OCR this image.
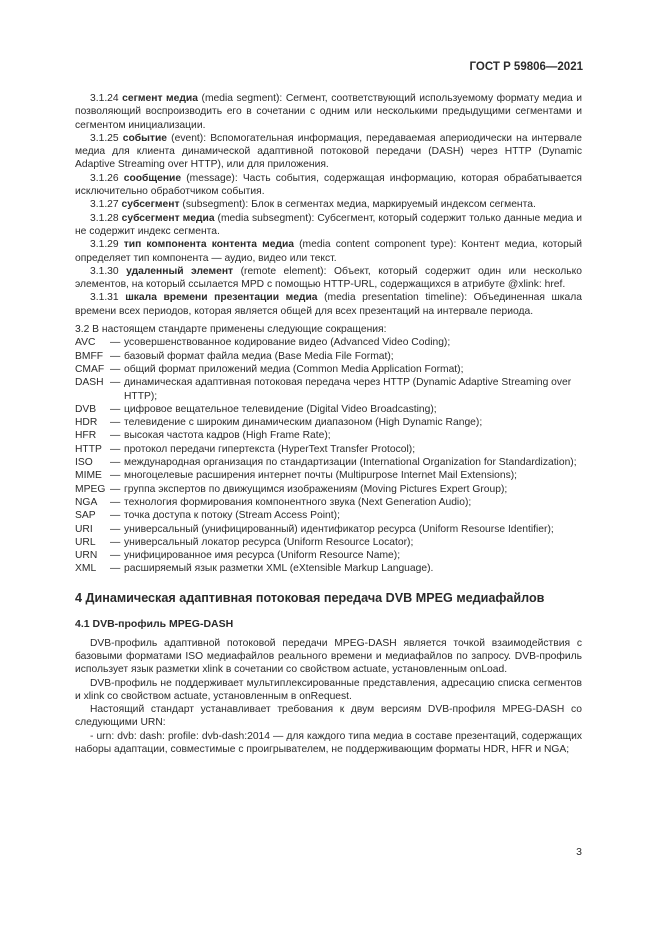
ГОСТ Р 59806—2021

3.1.24 сегмент медиа (media segment): Сегмент, соответствующий используемому формату медиа и позволяющий воспроизводить его в сочетании с одним или несколькими предыдущими сегментами и сегментом инициализации.

3.1.25 событие (event): Вспомогательная информация, передаваемая апериодически на интервале медиа для клиента динамической адаптивной потоковой передачи (DASH) через HTTP (Dynamic Adaptive Streaming over HTTP), или для приложения.

3.1.26 сообщение (message): Часть события, содержащая информацию, которая обрабатывается исключительно обработчиком события.

3.1.27 субсегмент (subsegment): Блок в сегментах медиа, маркируемый индексом сегмента.

3.1.28 субсегмент медиа (media subsegment): Субсегмент, который содержит только данные медиа и не содержит индекс сегмента.

3.1.29 тип компонента контента медиа (media content component type): Контент медиа, который определяет тип компонента — аудио, видео или текст.

3.1.30 удаленный элемент (remote element): Объект, который содержит один или несколько элементов, на который ссылается MPD с помощью HTTP-URL, содержащихся в атрибуте @xlink: href.

3.1.31 шкала времени презентации медиа (media presentation timeline): Объединенная шкала времени всех периодов, которая является общей для всех презентаций на интервале периода.

3.2 В настоящем стандарте применены следующие сокращения:

AVC	— усовершенствованное кодирование видео (Advanced Video Coding);
BMFF — базовый формат файла медиа (Base Media File Format);
CMAF — общий формат приложений медиа (Common Media Application Format);
DASH — динамическая адаптивная потоковая передача через HTTP (Dynamic Adaptive Streaming over HTTP);
DVB	— цифровое вещательное телевидение (Digital Video Broadcasting);
HDR	— телевидение с широким динамическим диапазоном (High Dynamic Range);
HFR	— высокая частота кадров (High Frame Rate);
HTTP — протокол передачи гипертекста (HyperText Transfer Protocol);
ISO	— международная организация по стандартизации (International Organization for Standardization);
MIME — многоцелевые расширения интернет почты (Multipurpose Internet Mail Extensions);
MPEG — группа экспертов по движущимся изображениям (Moving Pictures Expert Group);
NGA	— технология формирования компонентного звука (Next Generation Audio);
SAP	— точка доступа к потоку (Stream Access Point);
URI	— универсальный (унифицированный) идентификатор ресурса (Uniform Resourse Identifier);
URL	— универсальный локатор ресурса (Uniform Resource Locator);
URN	— унифицированное имя ресурса (Uniform Resource Name);
XML	— расширяемый язык разметки XML (eXtensible Markup Language).
4 Динамическая адаптивная потоковая передача DVB MPEG медиафайлов
4.1 DVB-профиль MPEG-DASH

DVB-профиль адаптивной потоковой передачи MPEG-DASH является точкой взаимодействия с базовыми форматами ISO медиафайлов реального времени и медиафайлов по запросу. DVB-профиль использует язык разметки xlink в сочетании со свойством actuate, установленным onLoad.

DVB-профиль не поддерживает мультиплексированные представления, адресацию списка сегментов и xlink со свойством actuate, установленным в onRequest.

Настоящий стандарт устанавливает требования к двум версиям DVB-профиля MPEG-DASH со следующими URN:

- urn: dvb: dash: profile: dvb-dash:2014 — для каждого типа медиа в составе презентаций, содержащих наборы адаптации, совместимые с проигрывателем, не поддерживающим форматы HDR, HFR и NGA;

3
